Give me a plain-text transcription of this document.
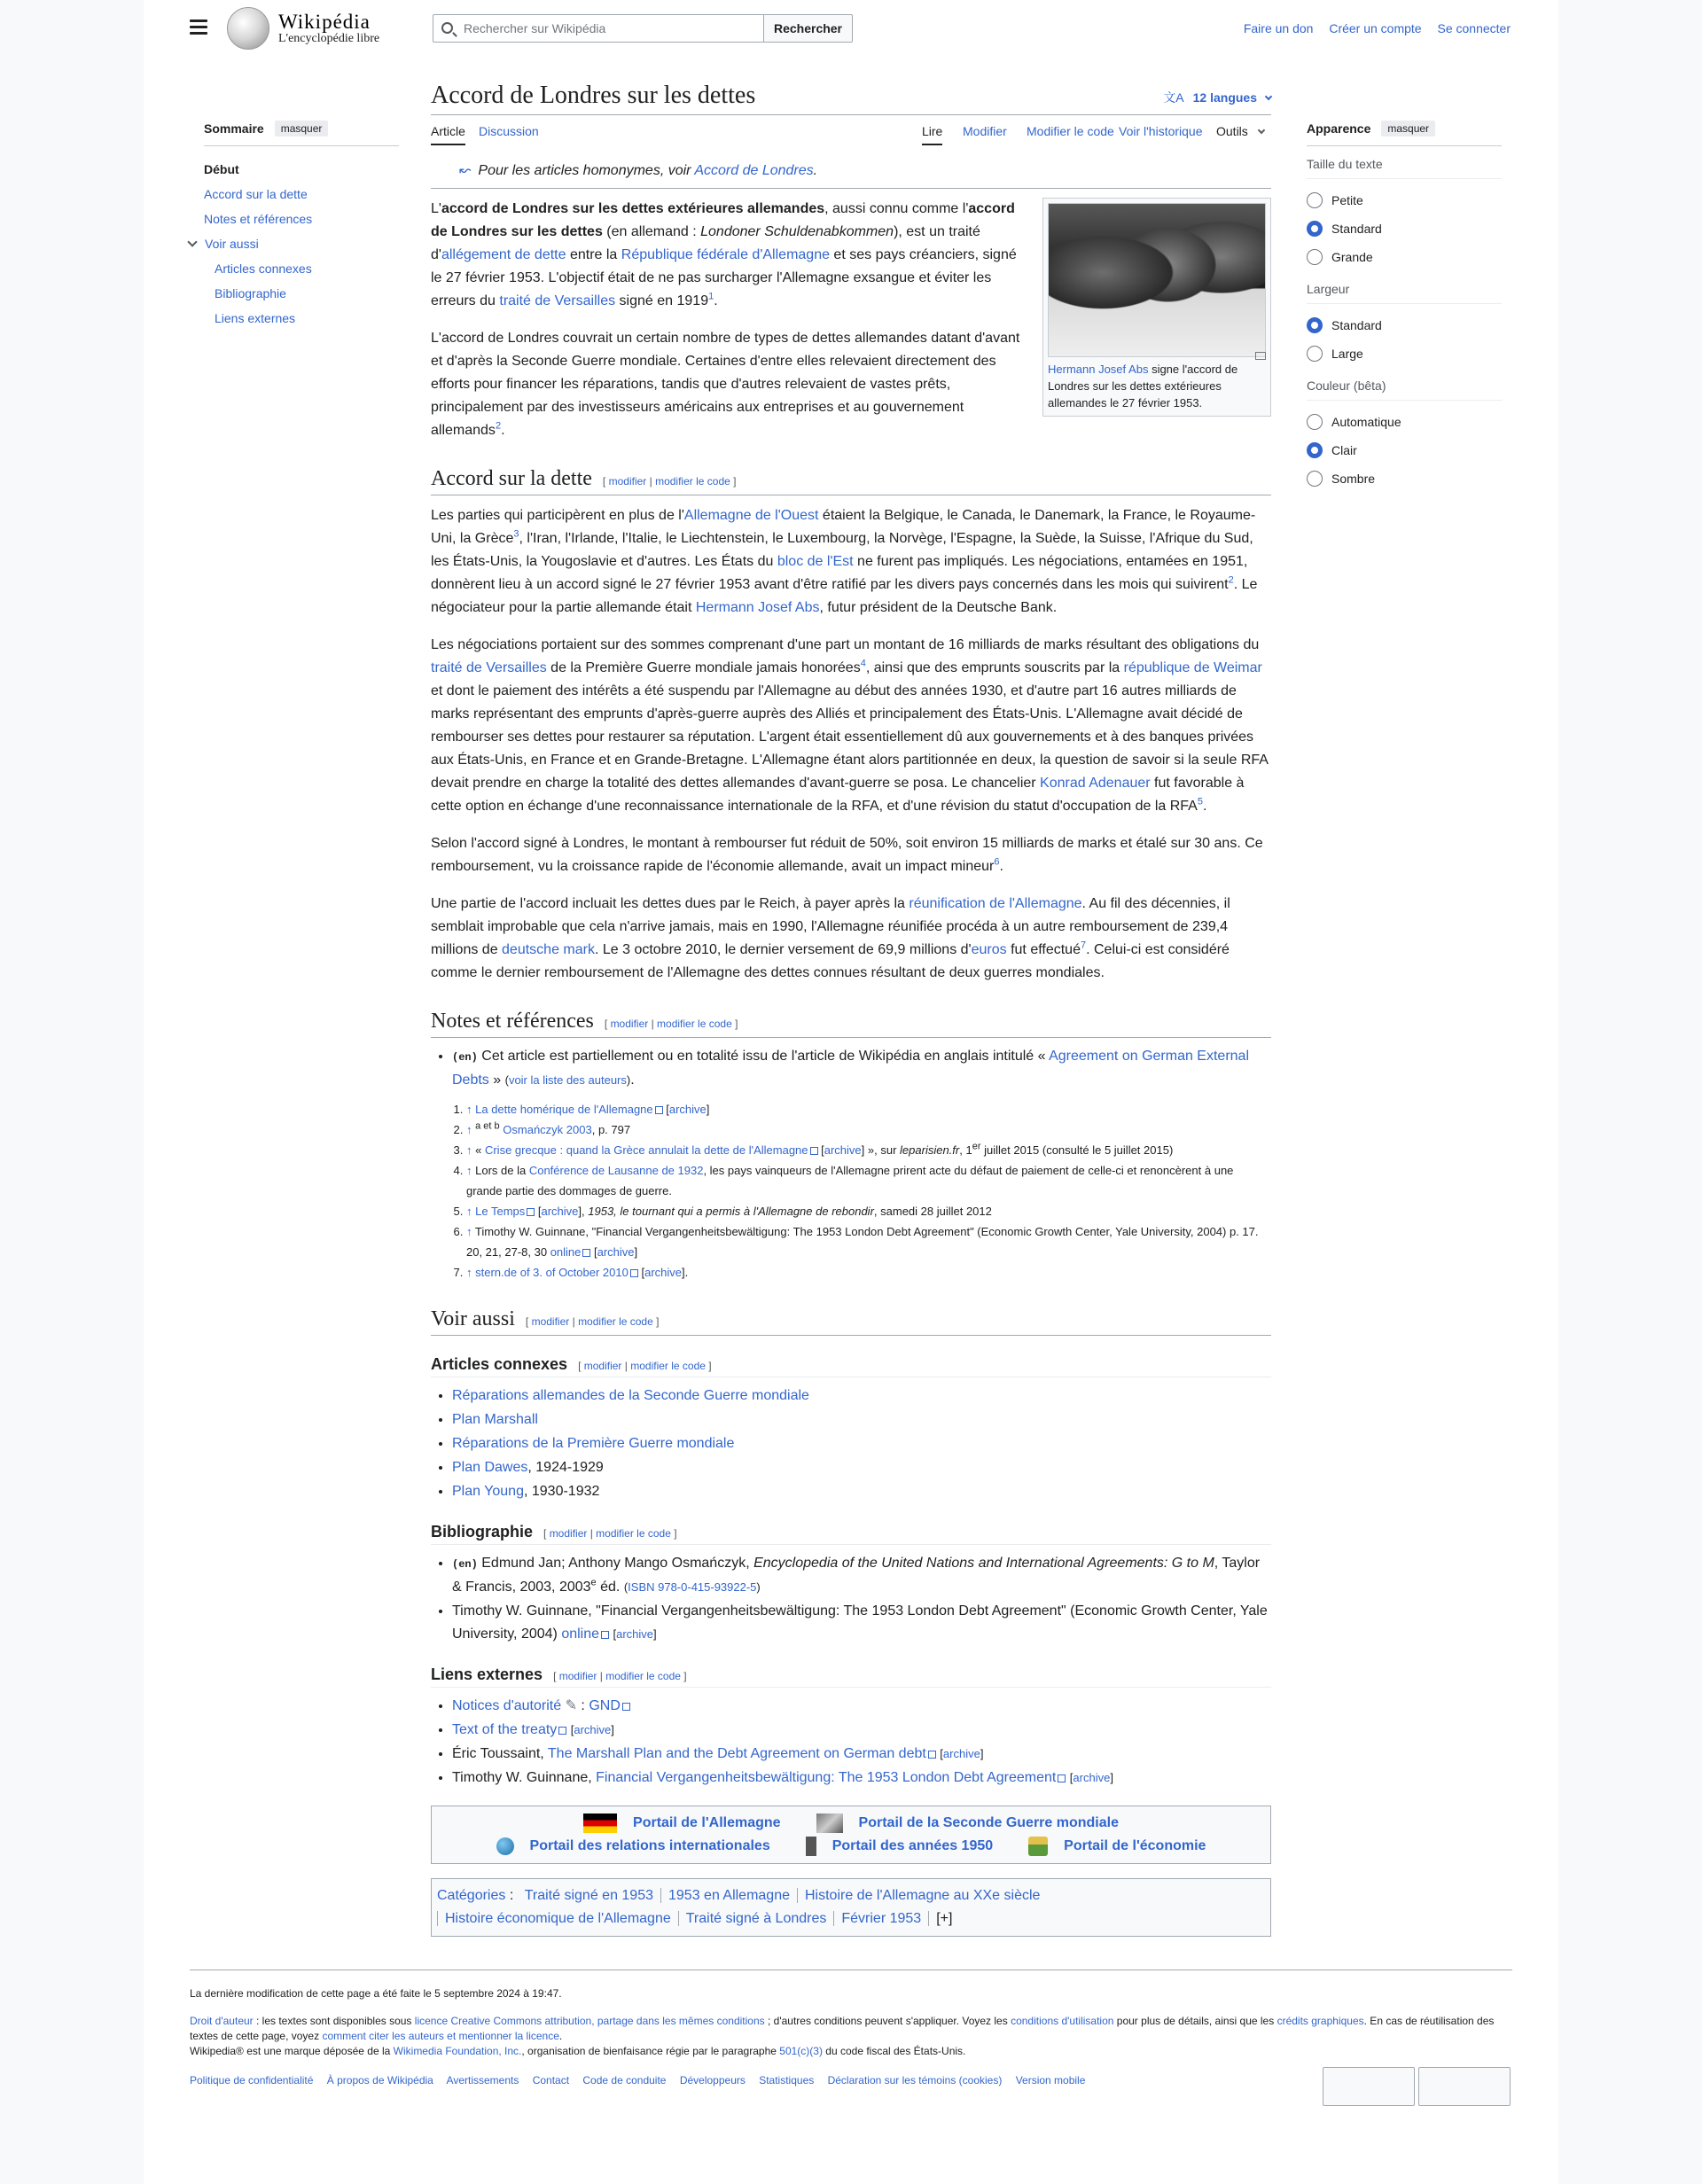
Wikipédia
L'encyclopédie libre
Rechercher sur Wikipédia	Rechercher	Faire un don Créer un compte Se connecter
Sommaire	masquer
Début
Accord sur la dette
Notes et références
Voir aussi
Articles connexes
Bibliographie
Liens externes
Apparence	masquer
Taille du texte
Petite
Standard
Grande
Largeur
Standard
Large
Couleur (bêta)
Automatique
Clair
Sombre
Accord de Londres sur les dettes	文A 12 langues
Article Discussion	Lire Modifier Modifier le code Voir l'historique Outils
↜ Pour les articles homonymes, voir Accord de Londres.
Hermann Josef Abs signe l'accord de Londres sur les dettes extérieures allemandes le 27 février 1953.

L'accord de Londres sur les dettes extérieures allemandes, aussi connu comme l'accord de Londres sur les dettes (en allemand : Londoner Schuldenabkommen), est un traité d'allégement de dette entre la République fédérale d'Allemagne et ses pays créanciers, signé le 27 février 1953. L'objectif était de ne pas surcharger l'Allemagne exsangue et éviter les erreurs du traité de Versailles signé en 1919$^1$.

L'accord de Londres couvrait un certain nombre de types de dettes allemandes datant d'avant et d'après la Seconde Guerre mondiale. Certaines d'entre elles relevaient directement des efforts pour financer les réparations, tandis que d'autres relevaient de vastes prêts, principalement par des investisseurs américains aux entreprises et au gouvernement allemands$^2$.

Accord sur la dette [ modifier | modifier le code ]

Les parties qui participèrent en plus de l'Allemagne de l'Ouest étaient la Belgique, le Canada, le Danemark, la France, le Royaume-Uni, la Grèce$^3$, l'Iran, l'Irlande, l'Italie, le Liechtenstein, le Luxembourg, la Norvège, l'Espagne, la Suède, la Suisse, l'Afrique du Sud, les États-Unis, la Yougoslavie et d'autres. Les États du bloc de l'Est ne furent pas impliqués. Les négociations, entamées en 1951, donnèrent lieu à un accord signé le 27 février 1953 avant d'être ratifié par les divers pays concernés dans les mois qui suivirent$^2$. Le négociateur pour la partie allemande était Hermann Josef Abs, futur président de la Deutsche Bank.

Les négociations portaient sur des sommes comprenant d'une part un montant de 16 milliards de marks résultant des obligations du traité de Versailles de la Première Guerre mondiale jamais honorées$^4$, ainsi que des emprunts souscrits par la république de Weimar et dont le paiement des intérêts a été suspendu par l'Allemagne au début des années 1930, et d'autre part 16 autres milliards de marks représentant des emprunts d'après-guerre auprès des Alliés et principalement des États-Unis. L'Allemagne avait décidé de rembourser ses dettes pour restaurer sa réputation. L'argent était essentiellement dû aux gouvernements et à des banques privées aux États-Unis, en France et en Grande-Bretagne. L'Allemagne étant alors partitionnée en deux, la question de savoir si la seule RFA devait prendre en charge la totalité des dettes allemandes d'avant-guerre se posa. Le chancelier Konrad Adenauer fut favorable à cette option en échange d'une reconnaissance internationale de la RFA, et d'une révision du statut d'occupation de la RFA$^5$.

Selon l'accord signé à Londres, le montant à rembourser fut réduit de 50%, soit environ 15 milliards de marks et étalé sur 30 ans. Ce remboursement, vu la croissance rapide de l'économie allemande, avait un impact mineur$^6$.

Une partie de l'accord incluait les dettes dues par le Reich, à payer après la réunification de l'Allemagne. Au fil des décennies, il semblait improbable que cela n'arrive jamais, mais en 1990, l'Allemagne réunifiée procéda à un autre remboursement de 239,4 millions de deutsche mark. Le 3 octobre 2010, le dernier versement de 69,9 millions d'euros fut effectué$^7$. Celui-ci est considéré comme le dernier remboursement de l'Allemagne des dettes connues résultant de deux guerres mondiales.

Notes et références [ modifier | modifier le code ]
• (en) Cet article est partiellement ou en totalité issu de l'article de Wikipédia en anglais intitulé « Agreement on German External Debts » (voir la liste des auteurs).
1. ↑ La dette homérique de l'Allemagne [archive]
2. ↑ $^{a et b}$ Osmańczyk 2003, p. 797
3. ↑ « Crise grecque : quand la Grèce annulait la dette de l'Allemagne [archive] », sur leparisien.fr, 1er juillet 2015 (consulté le 5 juillet 2015)
4. ↑ Lors de la Conférence de Lausanne de 1932, les pays vainqueurs de l'Allemagne prirent acte du défaut de paiement de celle-ci et renoncèrent à une grande partie des dommages de guerre.
5. ↑ Le Temps [archive], 1953, le tournant qui a permis à l'Allemagne de rebondir, samedi 28 juillet 2012
6. ↑ Timothy W. Guinnane, "Financial Vergangenheitsbewältigung: The 1953 London Debt Agreement" (Economic Growth Center, Yale University, 2004) p. 17. 20, 21, 27-8, 30 online [archive]
7. ↑ stern.de of 3. of October 2010 [archive].
Voir aussi [ modifier | modifier le code ]
Articles connexes [ modifier | modifier le code ]
• Réparations allemandes de la Seconde Guerre mondiale
• Plan Marshall
• Réparations de la Première Guerre mondiale
• Plan Dawes, 1924-1929
• Plan Young, 1930-1932
Bibliographie [ modifier | modifier le code ]
• (en) Edmund Jan; Anthony Mango Osmańczyk, Encyclopedia of the United Nations and International Agreements: G to M, Taylor & Francis, 2003, 2003e éd. (ISBN 978-0-415-93922-5)
• Timothy W. Guinnane, "Financial Vergangenheitsbewältigung: The 1953 London Debt Agreement" (Economic Growth Center, Yale University, 2004) online [archive]
Liens externes [ modifier | modifier le code ]
• Notices d'autorité ✎ : GND
• Text of the treaty [archive]
• Éric Toussaint, The Marshall Plan and the Debt Agreement on German debt [archive]
• Timothy W. Guinnane, Financial Vergangenheitsbewältigung: The 1953 London Debt Agreement [archive]
Portail de l'Allemagne	Portail de la Seconde Guerre mondiale
Portail des relations internationales	Portail des années 1950	Portail de l'économie
Catégories : Traité signé en 1953 1953 en Allemagne Histoire de l'Allemagne au XXe siècle
Histoire économique de l'Allemagne Traité signé à Londres Février 1953 [+]
La dernière modification de cette page a été faite le 5 septembre 2024 à 19:47.
Droit d'auteur : les textes sont disponibles sous licence Creative Commons attribution, partage dans les mêmes conditions ; d'autres conditions peuvent s'appliquer. Voyez les conditions d'utilisation pour plus de détails, ainsi que les crédits graphiques. En cas de réutilisation des textes de cette page, voyez comment citer les auteurs et mentionner la licence.
Wikipedia® est une marque déposée de la Wikimedia Foundation, Inc., organisation de bienfaisance régie par le paragraphe 501(c)(3) du code fiscal des États-Unis.
Politique de confidentialité À propos de Wikipédia Avertissements Contact Code de conduite Développeurs Statistiques Déclaration sur les témoins (cookies) Version mobile
